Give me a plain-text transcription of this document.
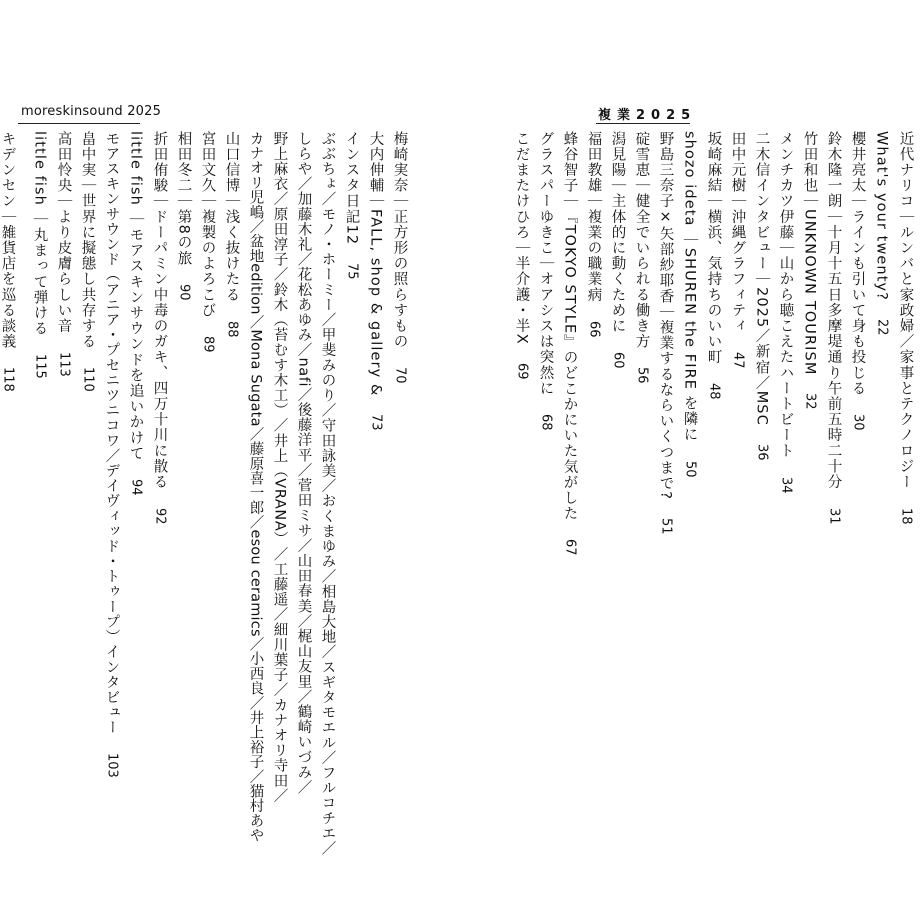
moreskinsound 2025	複業2025
近代ナリコ｜ルンバと家政婦／家事とテクノロジー18
What's your twenty?22
櫻井亮太｜ラインも引いて身も投じる30
鈴木隆一朗｜十月十五日多摩堤通り午前五時二十分31
竹田和也｜UNKNOWN TOURISM32
メンチカツ伊藤｜山から聴こえたハートビート34
二木信インタビュー｜2025／新宿／MSC36
田中元樹｜沖縄グラフィティ47
坂崎麻結｜横浜、気持ちのいい町48
shozo ideta ｜SHUREN the FIRE を隣に50
野島三奈子×矢部紗耶香｜複業するならいくつまで?51
碇雪恵｜健全でいられる働き方56
潟見陽｜主体的に動くために60
福田教雄｜複業の職業病66
蜂谷智子｜『TOKYO STYLE』のどこかにいた気がした67
グラスパーゆきこ｜オアシスは突然に68
こだまたけひろ｜半介護・半X69
梅崎実奈｜正方形の照らすもの70
大内伸輔｜FALL, shop & gallery &73
インスタ日記1275
ぶぶちょ／モノ・ホーミー／甲斐みのり／守田詠美／おくまゆみ／相島大地／スギタモエル／フルコチエ／
しらや／加藤木礼／花松あゆみ／nafi／後藤洋平／菅田ミサ／山田春美／梶山友里／鶴崎いづみ／
野上麻衣／原田淳子／鈴木（苔むす木工）／井上（VRANA）／工藤遥／細川葉子／カナオリ寺田／
カナオリ児嶋／盆地edition／Mona Sugata／藤原喜一郎／esou ceramics／小西良／井上裕子／猫村あや
山口信博｜浅く抜けたる88
宮田文久｜複製のよろこび89
相田冬二｜第8の旅90
折田侑駿｜ドーパミン中毒のガキ、四万十川に散る92
little fish ｜モアスキンサウンドを追いかけて94
モアスキンサウンド（アニア・プセニツニコワ／デイヴィッド・トゥープ）インタビュー103
畠中実｜世界に擬態し共存する110
高田怜央｜より皮膚らしい音113
little fish ｜丸まって弾ける115
キデンセン｜雑貨店を巡る談義118
